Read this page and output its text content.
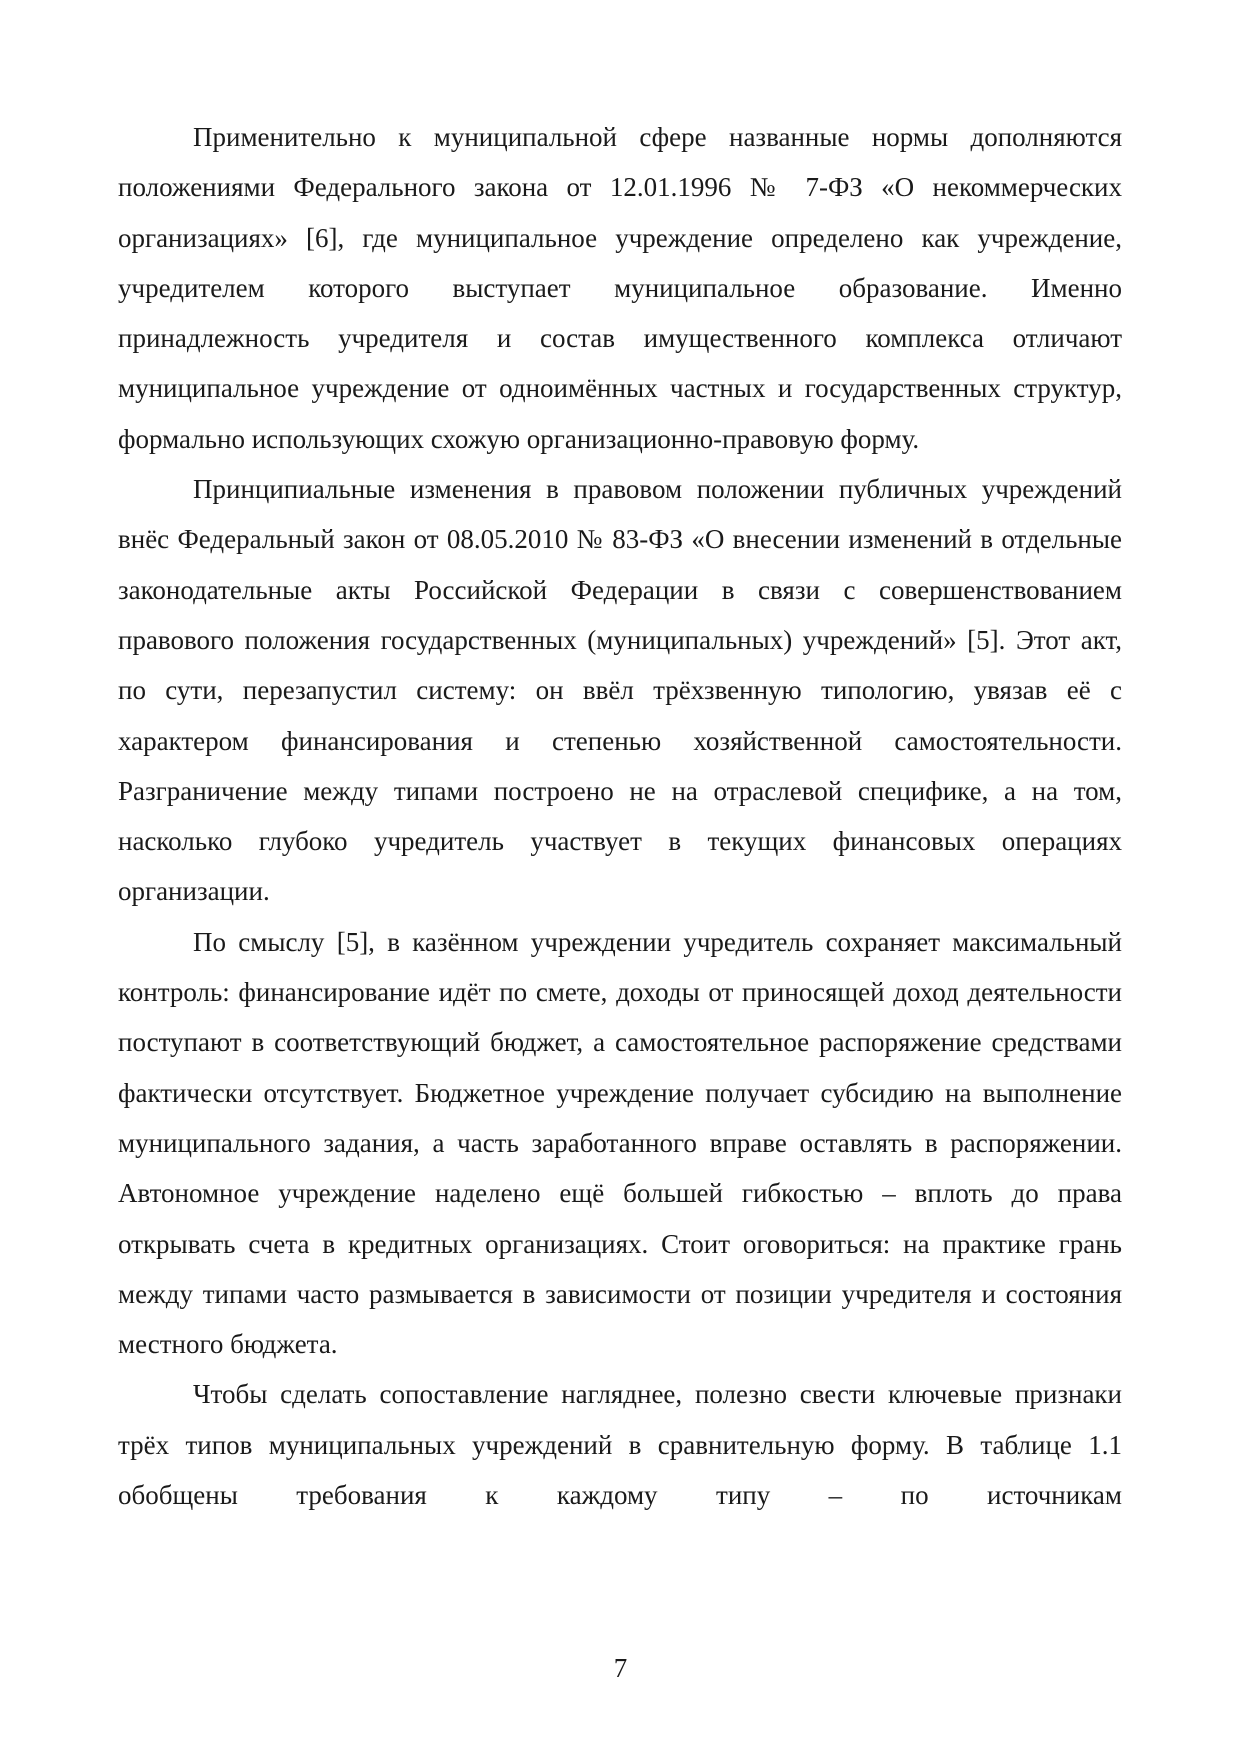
Применительно к муниципальной сфере названные нормы дополняются положениями Федерального закона от 12.01.1996 № 7-ФЗ «О некоммерческих организациях» [6], где муниципальное учреждение определено как учреждение, учредителем которого выступает муниципальное образование. Именно принадлежность учредителя и состав имущественного комплекса отличают муниципальное учреждение от одноимённых частных и государственных структур, формально использующих схожую организационно-правовую форму.

Принципиальные изменения в правовом положении публичных учреждений внёс Федеральный закон от 08.05.2010 № 83-ФЗ «О внесении изменений в отдельные законодательные акты Российской Федерации в связи с совершенствованием правового положения государственных (муниципальных) учреждений» [5]. Этот акт, по сути, перезапустил систему: он ввёл трёхзвенную типологию, увязав её с характером финансирования и степенью хозяйственной самостоятельности. Разграничение между типами построено не на отраслевой специфике, а на том, насколько глубоко учредитель участвует в текущих финансовых операциях организации.

По смыслу [5], в казённом учреждении учредитель сохраняет максимальный контроль: финансирование идёт по смете, доходы от приносящей доход деятельности поступают в соответствующий бюджет, а самостоятельное распоряжение средствами фактически отсутствует. Бюджетное учреждение получает субсидию на выполнение муниципального задания, а часть заработанного вправе оставлять в распоряжении. Автономное учреждение наделено ещё большей гибкостью – вплоть до права открывать счета в кредитных организациях. Стоит оговориться: на практике грань между типами часто размывается в зависимости от позиции учредителя и состояния местного бюджета.

Чтобы сделать сопоставление нагляднее, полезно свести ключевые признаки трёх типов муниципальных учреждений в сравнительную форму. В таблице 1.1 обобщены требования к каждому типу – по источникам

7
